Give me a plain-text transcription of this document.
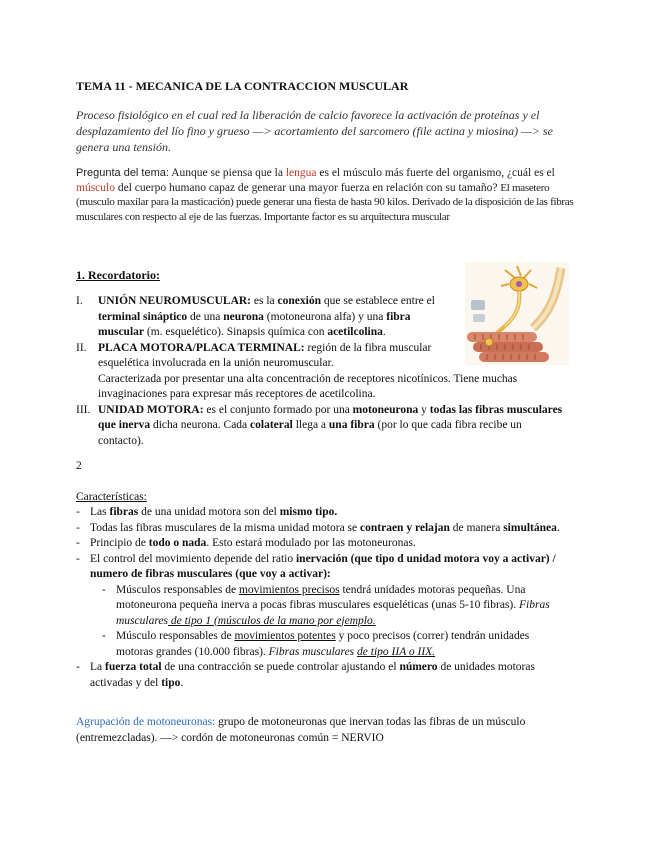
TEMA 11 - MECANICA DE LA CONTRACCION MUSCULAR
Proceso fisiológico en el cual red la liberación de calcio favorece la activación de proteínas y el desplazamiento del lío fino y grueso —> acortamiento del sarcomero (file actina y miosina) —> se genera una tensión.
Pregunta del tema: Aunque se piensa que la lengua es el músculo más fuerte del organismo, ¿cuál es el músculo del cuerpo humano capaz de generar una mayor fuerza en relación con su tamaño? El masetero (musculo maxilar para la masticación) puede generar una fiesta de hasta 90 kilos. Derivado de la disposición de las fibras musculares con respecto al eje de las fuerzas. Importante factor es su arquitectura muscular
1. Recordatorio:
I. UNIÓN NEUROMUSCULAR: es la conexión que se establece entre el terminal sináptico de una neurona (motoneurona alfa) y una fibra muscular (m. esquelético). Sinapsis química con acetilcolina.
II. PLACA MOTORA/PLACA TERMINAL: región de la fibra muscular esquelética involucrada en la unión neuromuscular.
Caracterizada por presentar una alta concentración de receptores nicotínicos. Tiene muchas invaginaciones para expresar más receptores de acetilcolina.
III. UNIDAD MOTORA: es el conjunto formado por una motoneurona y todas las fibras musculares que inerva dicha neurona. Cada colateral llega a una fibra (por lo que cada fibra recibe un contacto).
2
Características:
- Las fibras de una unidad motora son del mismo tipo.
- Todas las fibras musculares de la misma unidad motora se contraen y relajan de manera simultánea.
- Principio de todo o nada. Esto estará modulado por las motoneuronas.
- El control del movimiento depende del ratio inervación (que tipo d unidad motora voy a activar) / numero de fibras musculares (que voy a activar):
- Músculos responsables de movimientos precisos tendrá unidades motoras pequeñas. Una motoneurona pequeña inerva a pocas fibras musculares esqueléticas (unas 5-10 fibras). Fibras musculares de tipo 1 (músculos de la mano por ejemplo.
- Músculo responsables de movimientos potentes y poco precisos (correr) tendrán unidades motoras grandes (10.000 fibras). Fibras musculares de tipo IIA o IIX.
- La fuerza total de una contracción se puede controlar ajustando el número de unidades motoras activadas y del tipo.
Agrupación de motoneuronas: grupo de motoneuronas que inervan todas las fibras de un músculo (entremezcladas). —> cordón de motoneuronas común = NERVIO
